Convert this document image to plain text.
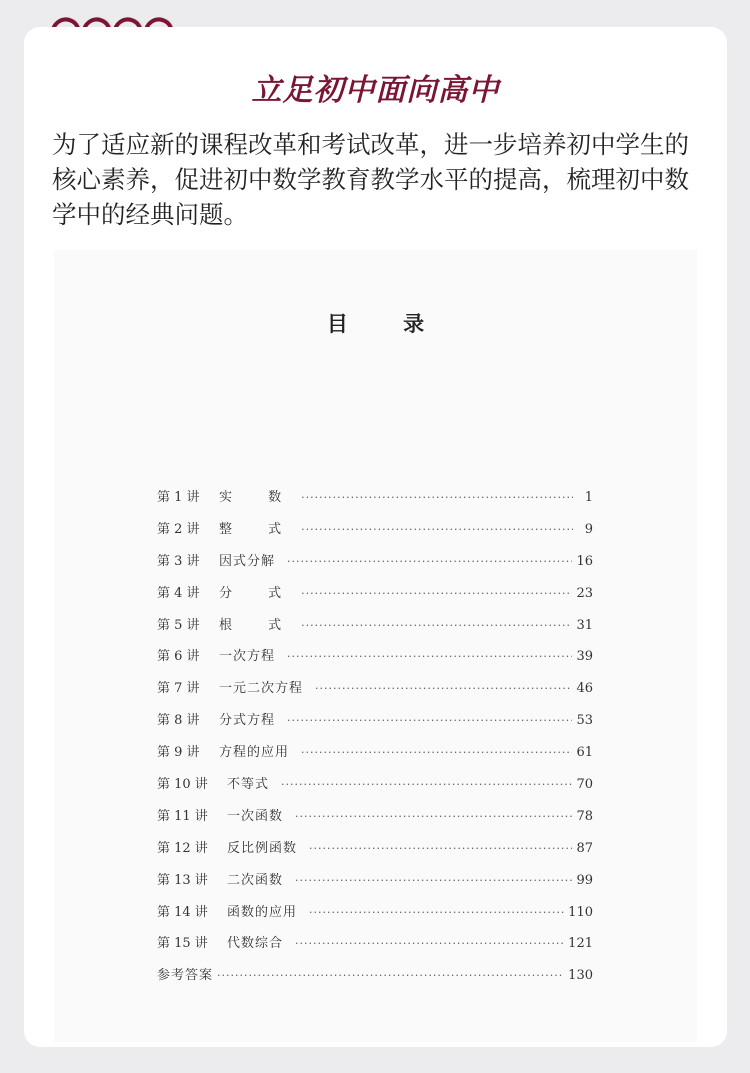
立足初中面向高中
为了适应新的课程改革和考试改革，进一步培养初中学生的核心素养，促进初中数学教育教学水平的提高，梳理初中数学中的经典问题。
目 录
第 1 讲	实 数 ·····	1
第 2 讲	整 式 ·····	9
第 3 讲	因式分解 ·····	16
第 4 讲	分 式 ·····	23
第 5 讲	根 式 ·····	31
第 6 讲	一次方程 ·····	39
第 7 讲	一元二次方程 ·····	46
第 8 讲	分式方程 ·····	53
第 9 讲	方程的应用 ·····	61
第 10 讲	不等式 ·····	70
第 11 讲	一次函数 ·····	78
第 12 讲	反比例函数 ·····	87
第 13 讲	二次函数 ·····	99
第 14 讲	函数的应用 ·····	110
第 15 讲	代数综合 ·····	121
参考答案 ·····	130
